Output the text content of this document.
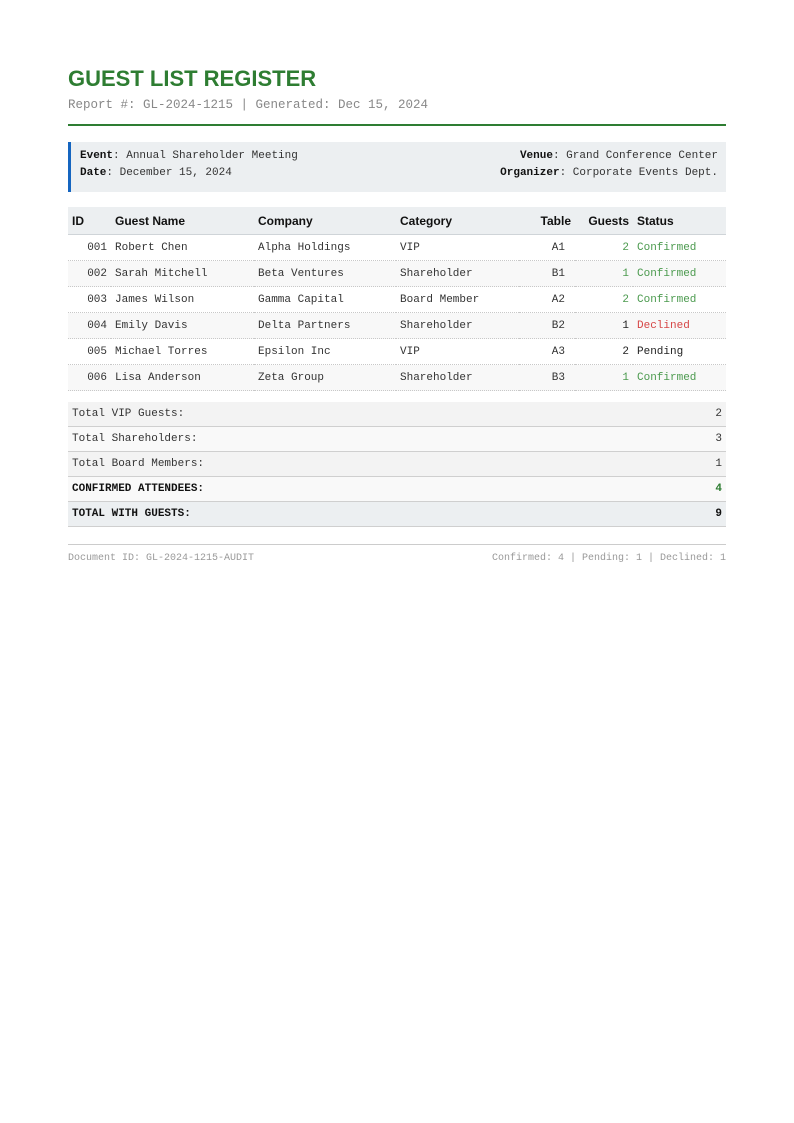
GUEST LIST REGISTER
Report #: GL-2024-1215 | Generated: Dec 15, 2024
Event: Annual Shareholder Meeting
Date: December 15, 2024
Venue: Grand Conference Center
Organizer: Corporate Events Dept.
ID	Guest Name	Company	Category	Table	Guests	Status
001	Robert Chen	Alpha Holdings	VIP	A1	2	Confirmed
002	Sarah Mitchell	Beta Ventures	Shareholder	B1	1	Confirmed
003	James Wilson	Gamma Capital	Board Member	A2	2	Confirmed
004	Emily Davis	Delta Partners	Shareholder	B2	1	Declined
005	Michael Torres	Epsilon Inc	VIP	A3	2	Pending
006	Lisa Anderson	Zeta Group	Shareholder	B3	1	Confirmed
Total VIP Guests:	2
Total Shareholders:	3
Total Board Members:	1
CONFIRMED ATTENDEES:	4
TOTAL WITH GUESTS:	9
Document ID: GL-2024-1215-AUDIT	Confirmed: 4 | Pending: 1 | Declined: 1
